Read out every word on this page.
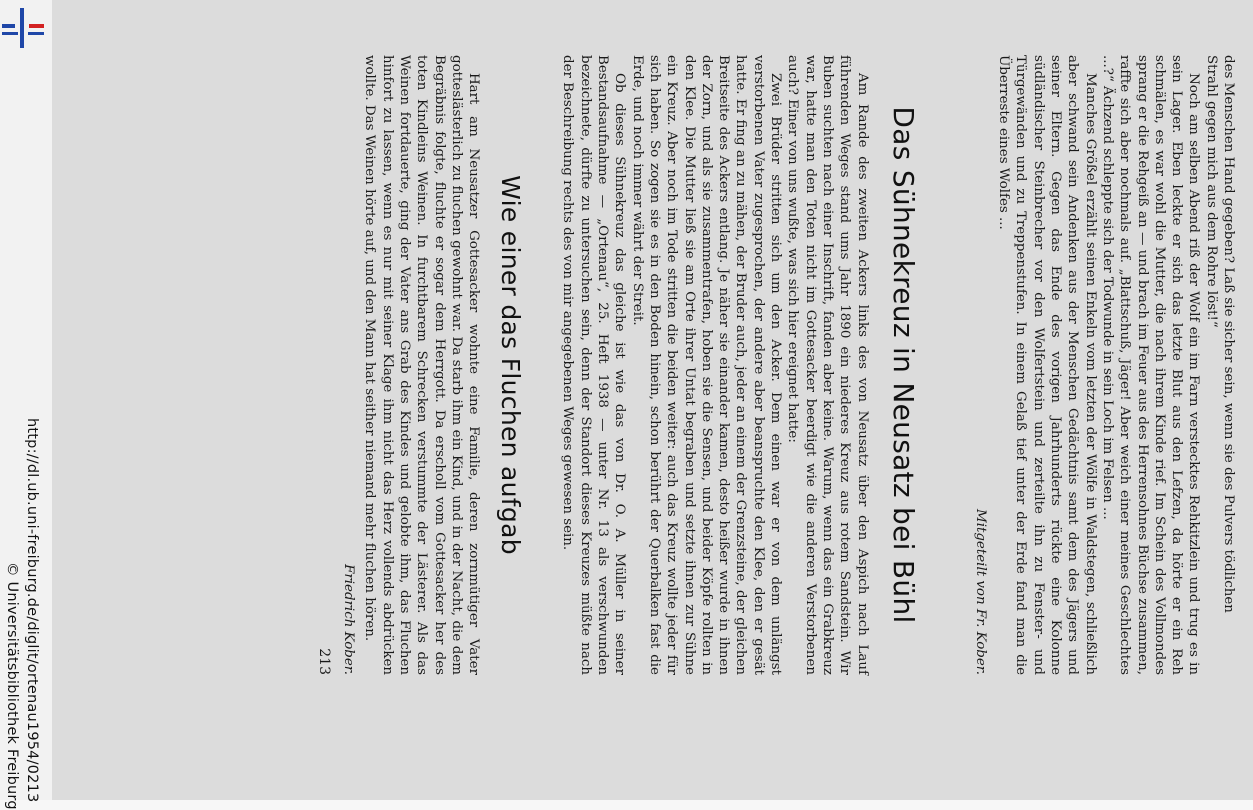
http://dl.ub.uni-freiburg.de/diglit/ortenau1954/0213
© Universitätsbibliothek Freiburg

des Menschen Hand gegeben? Laß sie sicher sein, wenn sie des Pulvers tödlichen

Strahl gegen mich aus dem Rohre löst!“

Noch am selben Abend riß der Wolf ein im Farn verstecktes Rehkitzlein und trug es in sein Lager. Eben leckte er sich das letzte Blut aus den Lefzen, da hörte er ein Reh schmälen, es war wohl die Mutter, die nach ihrem Kinde rief. Im Schein des Vollmondes sprang er die Rehgeiß an — und brach im Feuer aus des Herrensohnes Büchse zusammen, raffte sich aber nochmals auf. „Blattschuß, Jäger! Aber weich einer meines Geschlechtes ...?“ Ächzend schleppte sich der Todwunde in sein Loch im Felsen ...

Manches Größel erzählt seinen Enkeln vom letzten der Wölfe in Waldstegen, schließlich aber schwand sein Andenken aus der Menschen Gedächtnis samt dem des Jägers und seiner Eltern. Gegen das Ende des vorigen Jahrhunderts rückte eine Kolonne südländischer Steinbrecher vor den Wolfertstein und zerteilte ihn zu Fenster- und Türgewänden und zu Treppenstufen. In einem Gelaß tief unter der Erde fand man die Überreste eines Wolfes ...

Mitgeteilt von Fr. Kober.

Das Sühnekreuz in Neusatz bei Bühl

Am Rande des zweiten Ackers links des von Neusatz über den Aspich nach Lauf führenden Weges stand ums Jahr 1890 ein niederes Kreuz aus rotem Sandstein. Wir Buben suchten nach einer Inschrift, fanden aber keine. Warum, wenn das ein Grabkreuz war, hatte man den Toten nicht im Gottesacker beerdigt wie die anderen Verstorbenen auch? Einer von uns wußte, was sich hier ereignet hatte:

Zwei Brüder stritten sich um den Acker. Dem einen war er von dem unlängst verstorbenen Vater zugesprochen, der andere aber beanspruchte den Klee, den er gesät hatte. Er fing an zu mähen, der Bruder auch, jeder an einem der Grenzsteine, der gleichen Breitseite des Ackers entlang. Je näher sie einander kamen, desto heißer wurde in ihnen der Zorn, und als sie zusammentrafen, hoben sie die Sensen, und beider Köpfe rollten in den Klee. Die Mutter ließ sie am Orte ihrer Untat begraben und setzte ihnen zur Sühne ein Kreuz. Aber noch im Tode stritten die beiden weiter: auch das Kreuz wollte jeder für sich haben. So zogen sie es in den Boden hinein, schon berührt der Querbalken fast die Erde, und noch immer währt der Streit.

Ob dieses Sühnekreuz das gleiche ist wie das von Dr. O. A. Müller in seiner Bestandsaufnahme — „Ortenau“, 25. Heft 1938 — unter Nr. 13 als verschwunden bezeichnete, dürfte zu untersuchen sein, denn der Standort dieses Kreuzes müßte nach der Beschreibung rechts des von mir angegebenen Weges gewesen sein.

Wie einer das Fluchen aufgab

Hart am Neusatzer Gottesacker wohnte eine Familie, deren zornmütiger Vater gotteslästerlich zu fluchen gewohnt war. Da starb ihm ein Kind, und in der Nacht, die dem Begräbnis folgte, fluchte er sogar dem Herrgott. Da erscholl vom Gottesacker her des toten Kindleins Weinen. In furchtbarem Schrecken verstummte der Lästerer. Als das Weinen fortdauerte, ging der Vater ans Grab des Kindes und gelobte ihm, das Fluchen hinfort zu lassen, wenn es nur mit seiner Klage ihm nicht das Herz vollends abdrücken wollte. Das Weinen hörte auf, und den Mann hat seither niemand mehr fluchen hören.

Friedrich Kober.

213
